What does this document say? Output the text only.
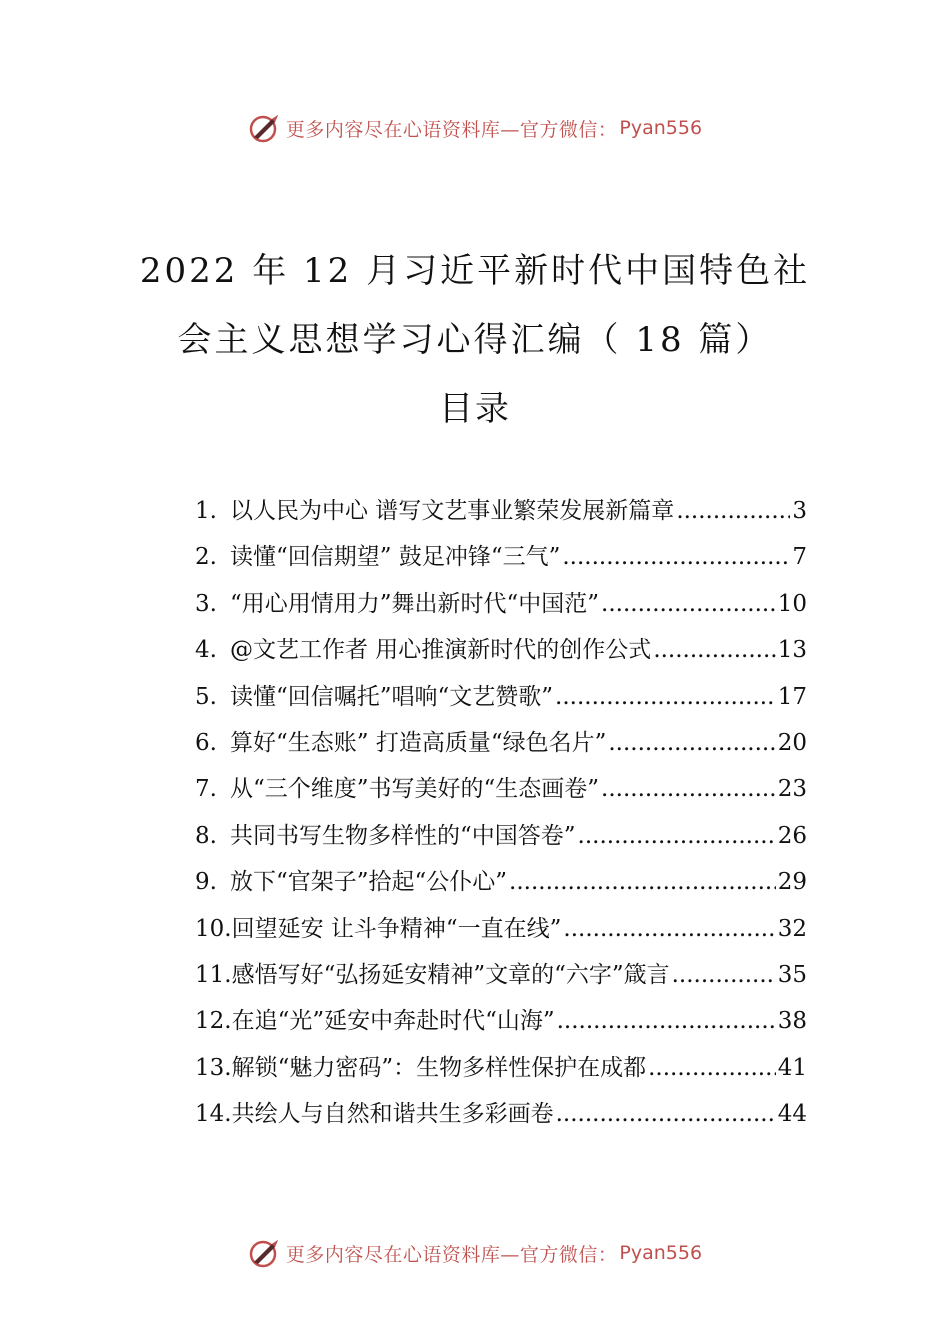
更多内容尽在心语资料库—官方微信： Pyan556
2022 年 12 月习近平新时代中国特色社
会主义思想学习心得汇编（ 18 篇）
目录
1. 以人民为中心 谱写文艺事业繁荣发展新篇章 .....	3
2. 读懂“回信期望” 鼓足冲锋“三气” .....	7
3. “用心用情用力”舞出新时代“中国范” .....	10
4. @文艺工作者 用心推演新时代的创作公式 .....	13
5. 读懂“回信嘱托”唱响“文艺赞歌” .....	17
6. 算好“生态账” 打造高质量“绿色名片” .....	20
7. 从“三个维度”书写美好的“生态画卷” .....	23
8. 共同书写生物多样性的“中国答卷” .....	26
9. 放下“官架子”拾起“公仆心” .....	29
10. 回望延安 让斗争精神“一直在线” .....	32
11. 感悟写好“弘扬延安精神”文章的“六字”箴言 .....	35
12. 在追“光”延安中奔赴时代“山海” .....	38
13. 解锁“魅力密码”：生物多样性保护在成都 .....	41
14. 共绘人与自然和谐共生多彩画卷 .....	44
更多内容尽在心语资料库—官方微信： Pyan556
